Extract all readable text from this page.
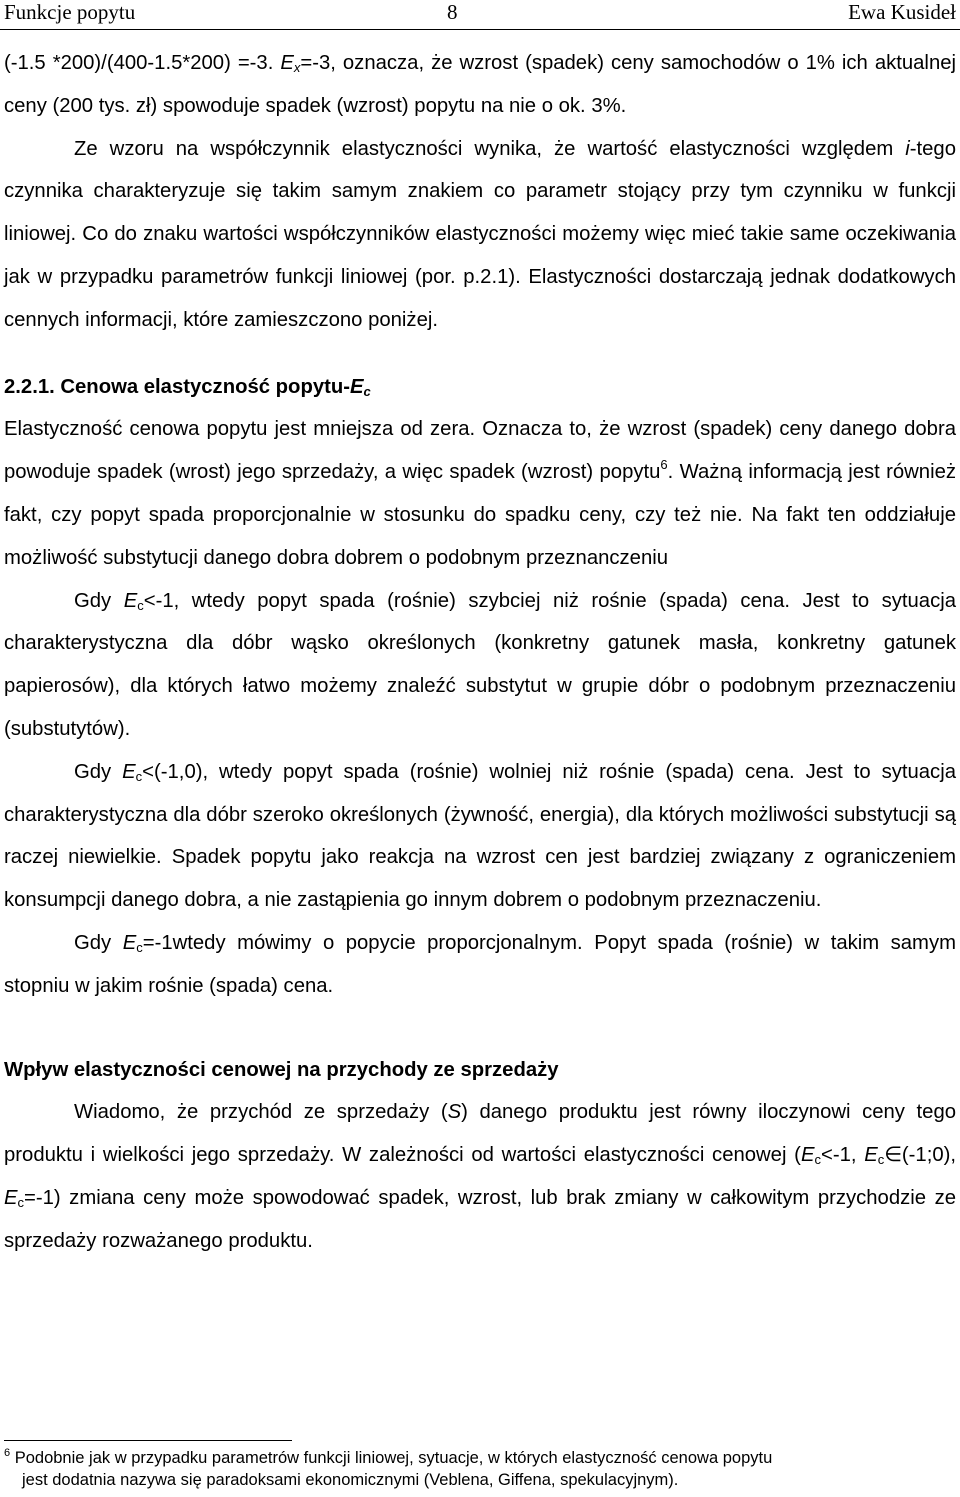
Funkcje popytu	8	Ewa Kusideł

(-1.5 *200)/(400-1.5*200) =-3. Ex=-3, oznacza, że wzrost (spadek) ceny samochodów o 1% ich aktualnej ceny (200 tys. zł) spowoduje spadek (wzrost) popytu na nie o ok. 3%.

Ze wzoru na współczynnik elastyczności wynika, że wartość elastyczności względem i-tego czynnika charakteryzuje się takim samym znakiem co parametr stojący przy tym czynniku w funkcji liniowej. Co do znaku wartości współczynników elastyczności możemy więc mieć takie same oczekiwania jak w przypadku parametrów funkcji liniowej (por. p.2.1). Elastyczności dostarczają jednak dodatkowych cennych informacji, które zamieszczono poniżej.

2.2.1. Cenowa elastyczność popytu-Ec

Elastyczność cenowa popytu jest mniejsza od zera. Oznacza to, że wzrost (spadek) ceny danego dobra powoduje spadek (wrost) jego sprzedaży, a więc spadek (wzrost) popytu$^6$. Ważną informacją jest również fakt, czy popyt spada proporcjonalnie w stosunku do spadku ceny, czy też nie. Na fakt ten oddziałuje możliwość substytucji danego dobra dobrem o podobnym przeznanczeniu

Gdy $E_c<-1$, wtedy popyt spada (rośnie) szybciej niż rośnie (spada) cena. Jest to sytuacja charakterystyczna dla dóbr wąsko określonych (konkretny gatunek masła, konkretny gatunek papierosów), dla których łatwo możemy znaleźć substytut w grupie dóbr o podobnym przeznaczeniu (substutytów).

Gdy $E_c<(-1,0)$, wtedy popyt spada (rośnie) wolniej niż rośnie (spada) cena. Jest to sytuacja charakterystyczna dla dóbr szeroko określonych (żywność, energia), dla których możliwości substytucji są raczej niewielkie. Spadek popytu jako reakcja na wzrost cen jest bardziej związany z ograniczeniem konsumpcji danego dobra, a nie zastąpienia go innym dobrem o podobnym przeznaczeniu.

Gdy $E_c=-1wtedy$ mówimy o popycie proporcjonalnym. Popyt spada (rośnie) w takim samym stopniu w jakim rośnie (spada) cena.

Wpływ elastyczności cenowej na przychody ze sprzedaży

Wiadomo, że przychód ze sprzedaży (S) danego produktu jest równy iloczynowi ceny tego produktu i wielkości jego sprzedaży. W zależności od wartości elastyczności cenowej ($E_c<-1$, $E_c\in(-1;0)$, $E_c=-1$) zmiana ceny może spowodować spadek, wzrost, lub brak zmiany w całkowitym przychodzie ze sprzedaży rozważanego produktu.

$^6$ Podobnie jak w przypadku parametrów funkcji liniowej, sytuacje, w których elastyczność cenowa popytu

jest dodatnia nazywa się paradoksami ekonomicznymi (Veblena, Giffena, spekulacyjnym).
